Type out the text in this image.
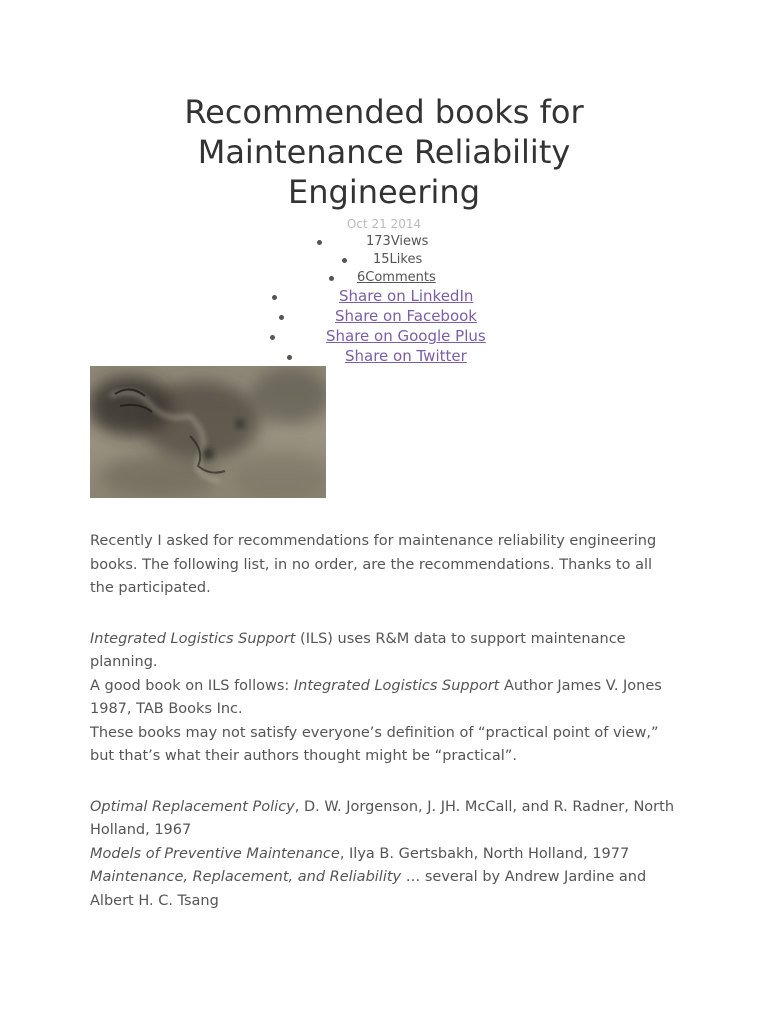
Recommended books for Maintenance Reliability Engineering
Oct 21 2014
173Views
15Likes
6Comments
Share on LinkedIn
Share on Facebook
Share on Google Plus
Share on Twitter

Recently I asked for recommendations for maintenance reliability engineering books. The following list, in no order, are the recommendations. Thanks to all the participated.

Integrated Logistics Support (ILS) uses R&M data to support maintenance planning.
A good book on ILS follows: Integrated Logistics Support Author James V. Jones 1987, TAB Books Inc.
These books may not satisfy everyone’s definition of “practical point of view,” but that’s what their authors thought might be “practical”.

Optimal Replacement Policy, D. W. Jorgenson, J. JH. McCall, and R. Radner, North Holland, 1967
Models of Preventive Maintenance, Ilya B. Gertsbakh, North Holland, 1977
Maintenance, Replacement, and Reliability … several by Andrew Jardine and Albert H. C. Tsang
